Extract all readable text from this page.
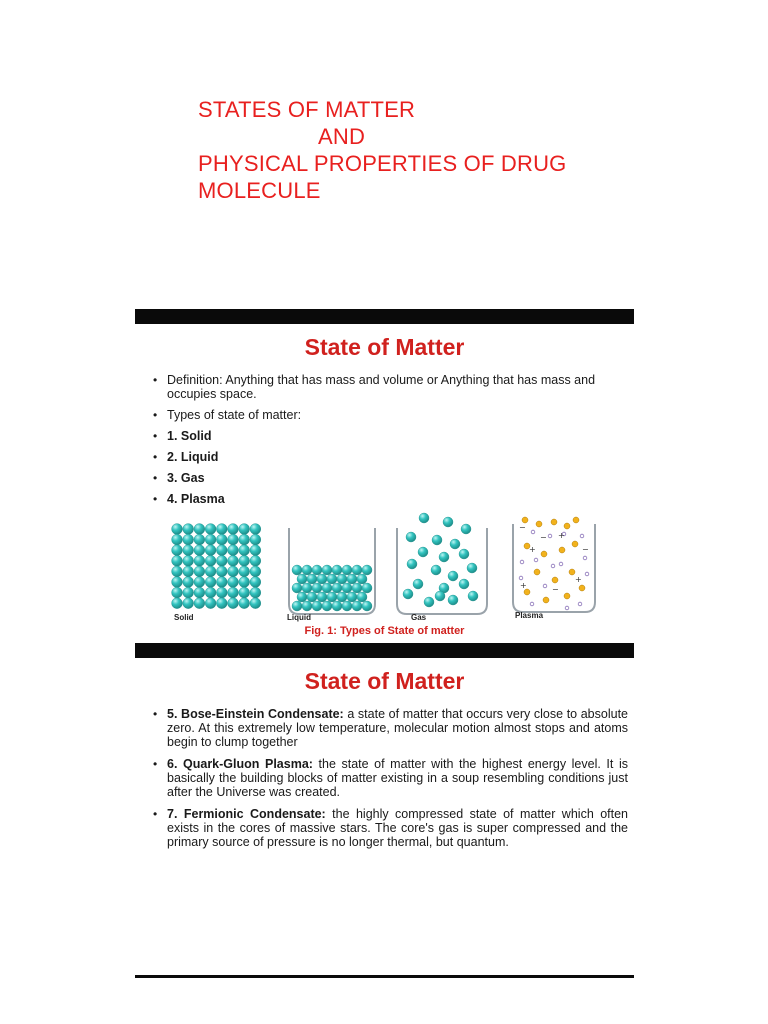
STATES OF MATTER
AND
PHYSICAL PROPERTIES OF DRUG
MOLECULE
State of Matter
• Definition: Anything that has mass and volume or Anything that has mass and occupies space.
• Types of state of matter:
• 1. Solid
• 2. Liquid
• 3. Gas
• 4. Plasma
−
+
+	−
+	−
+
−
Solid	Liquid	Gas	Plasma
Fig. 1: Types of State of matter
State of Matter
• 5. Bose-Einstein Condensate: a state of matter that occurs very close to absolute zero. At this extremely low temperature, molecular motion almost stops and atoms begin to clump together
• 6. Quark-Gluon Plasma: the state of matter with the highest energy level. It is basically the building blocks of matter existing in a soup resembling conditions just after the Universe was created.
• 7. Fermionic Condensate: the highly compressed state of matter which often exists in the cores of massive stars. The core's gas is super compressed and the primary source of pressure is no longer thermal, but quantum.
